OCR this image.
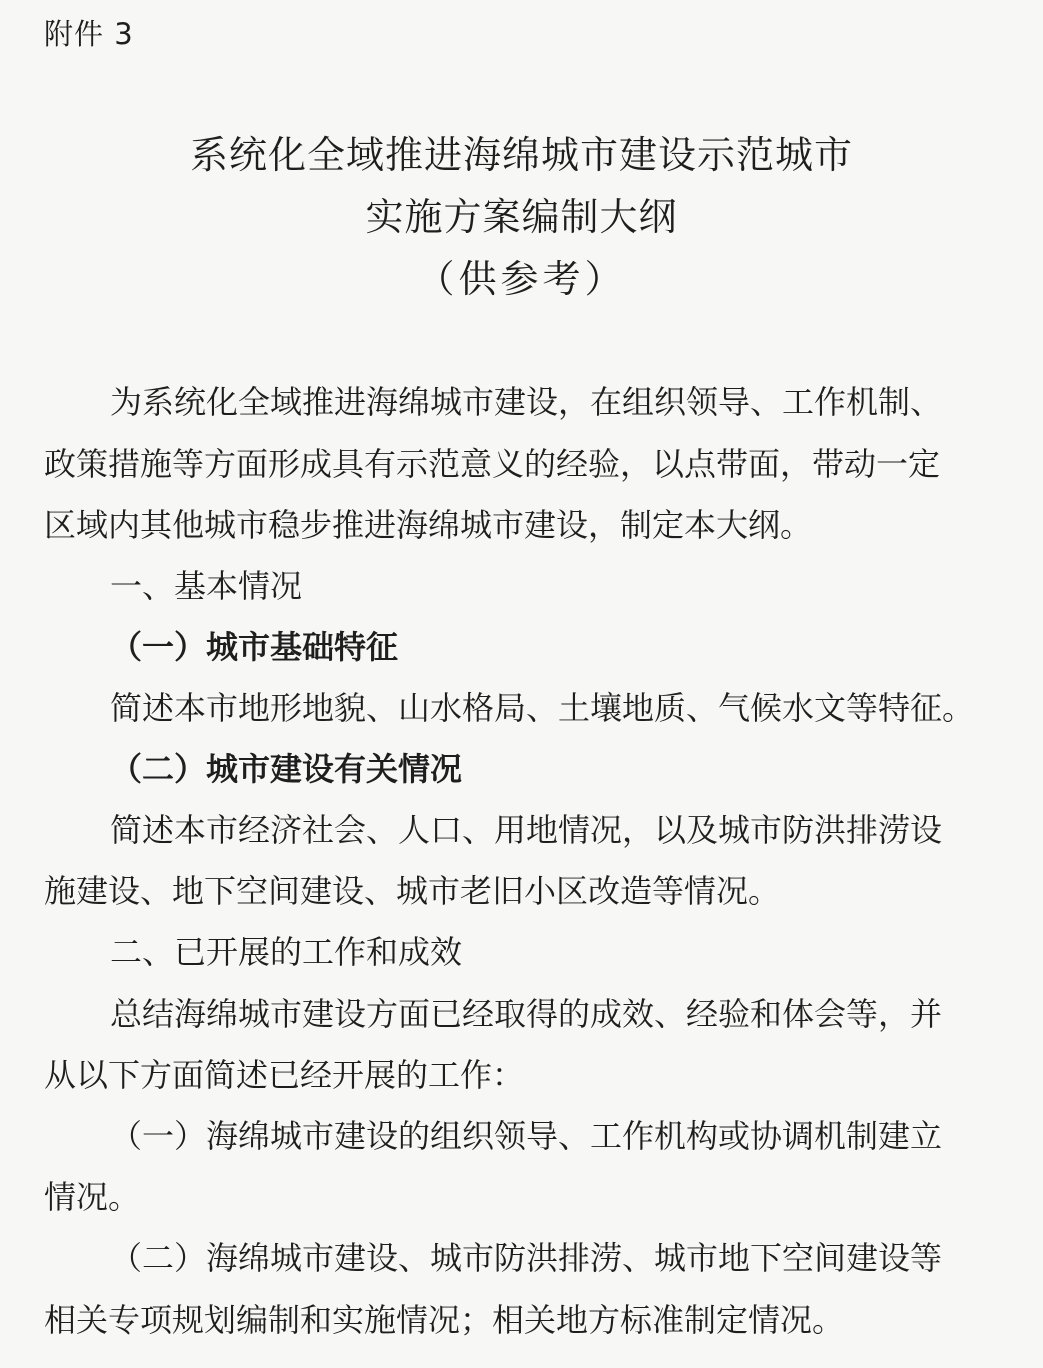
附件 3
系统化全域推进海绵城市建设示范城市
实施方案编制大纲
（供参考）
为系统化全域推进海绵城市建设，在组织领导、工作机制、
政策措施等方面形成具有示范意义的经验，以点带面，带动一定
区域内其他城市稳步推进海绵城市建设，制定本大纲。
一、基本情况
（一）城市基础特征
简述本市地形地貌、山水格局、土壤地质、气候水文等特征。
（二）城市建设有关情况
简述本市经济社会、人口、用地情况，以及城市防洪排涝设
施建设、地下空间建设、城市老旧小区改造等情况。
二、已开展的工作和成效
总结海绵城市建设方面已经取得的成效、经验和体会等，并
从以下方面简述已经开展的工作：
（一）海绵城市建设的组织领导、工作机构或协调机制建立
情况。
（二）海绵城市建设、城市防洪排涝、城市地下空间建设等
相关专项规划编制和实施情况；相关地方标准制定情况。
